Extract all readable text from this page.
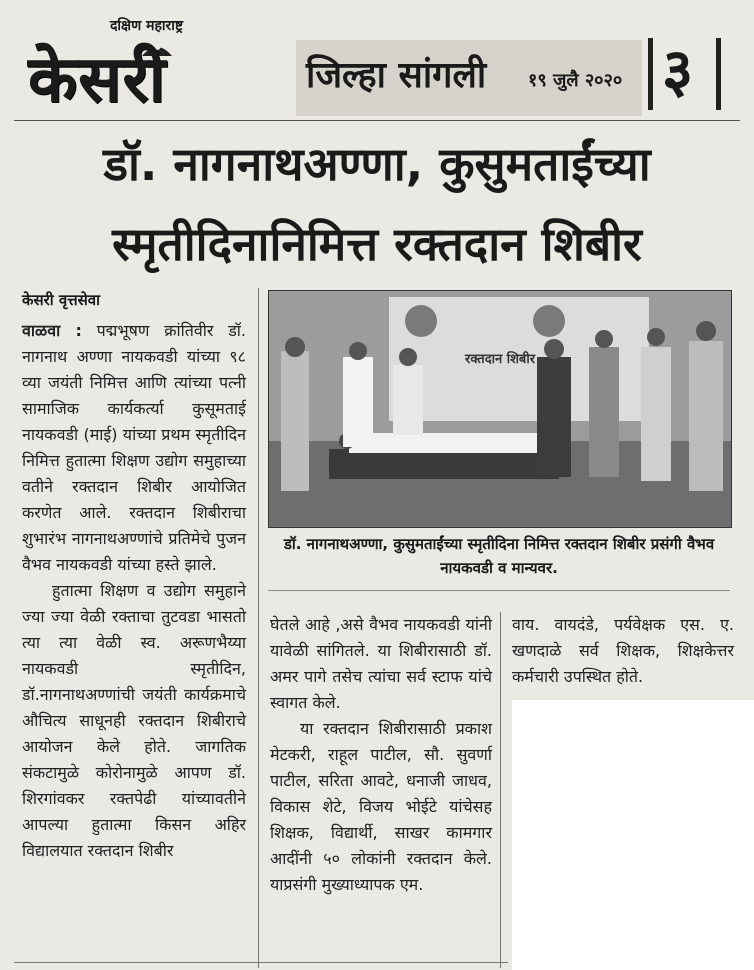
दक्षिण महाराष्ट्र
केसरी	जिल्हा सांगली १९ जुलै २०२० ३
डॉ. नागनाथअण्णा, कुसुमताईंच्या
स्मृतीदिनानिमित्त रक्तदान शिबीर
केसरी वृत्तसेवा

वाळवा : पद्मभूषण क्रांतिवीर डॉ. नागनाथ अण्णा नायकवडी यांच्या ९८ व्या जयंती निमित्त आणि त्यांच्या पत्नी सामाजिक कार्यकर्त्या कुसूमताई नायकवडी (माई) यांच्या प्रथम स्मृतीदिन निमित्त हुतात्मा शिक्षण उद्योग समुहाच्या वतीने रक्तदान शिबीर आयोजित करणेत आले. रक्तदान शिबीराचा शुभारंभ नागनाथअण्णांचे प्रतिमेचे पुजन वैभव नायकवडी यांच्या हस्ते झाले.

हुतात्मा शिक्षण व उद्योग समुहाने ज्या ज्या वेळी रक्ताचा तुटवडा भासतो त्या त्या वेळी स्व. अरूणभैय्या नायकवडी स्मृतीदिन, डॉ.नागनाथअण्णांची जयंती कार्यक्रमाचे औचित्य साधूनही रक्तदान शिबीराचे आयोजन केले होते. जागतिक संकटामुळे कोरोनामुळे आपण डॉ. शिरगांवकर रक्तपेढी यांच्यावतीने आपल्या हुतात्मा किसन अहिर विद्यालयात रक्तदान शिबीर

रक्तदान शिबीर
डॉ. नागनाथअण्णा, कुसुमताईंच्या स्मृतीदिना निमित्त रक्तदान शिबीर प्रसंगी वैभव नायकवडी व मान्यवर.

घेतले आहे ,असे वैभव नायकवडी यांनी यावेळी सांगितले. या शिबीरासाठी डॉ. अमर पागे तसेच त्यांचा सर्व स्टाफ यांचे स्वागत केले.

या रक्तदान शिबीरासाठी प्रकाश मेटकरी, राहूल पाटील, सौ. सुवर्णा पाटील, सरिता आवटे, धनाजी जाधव, विकास शेटे, विजय भोईटे यांचेसह शिक्षक, विद्यार्थी, साखर कामगार आदींनी ५० लोकांनी रक्तदान केले. याप्रसंगी मुख्याध्यापक एम.

वाय. वायदंडे, पर्यवेक्षक एस. ए. खणदाळे सर्व शिक्षक, शिक्षकेत्तर कर्मचारी उपस्थित होते.
